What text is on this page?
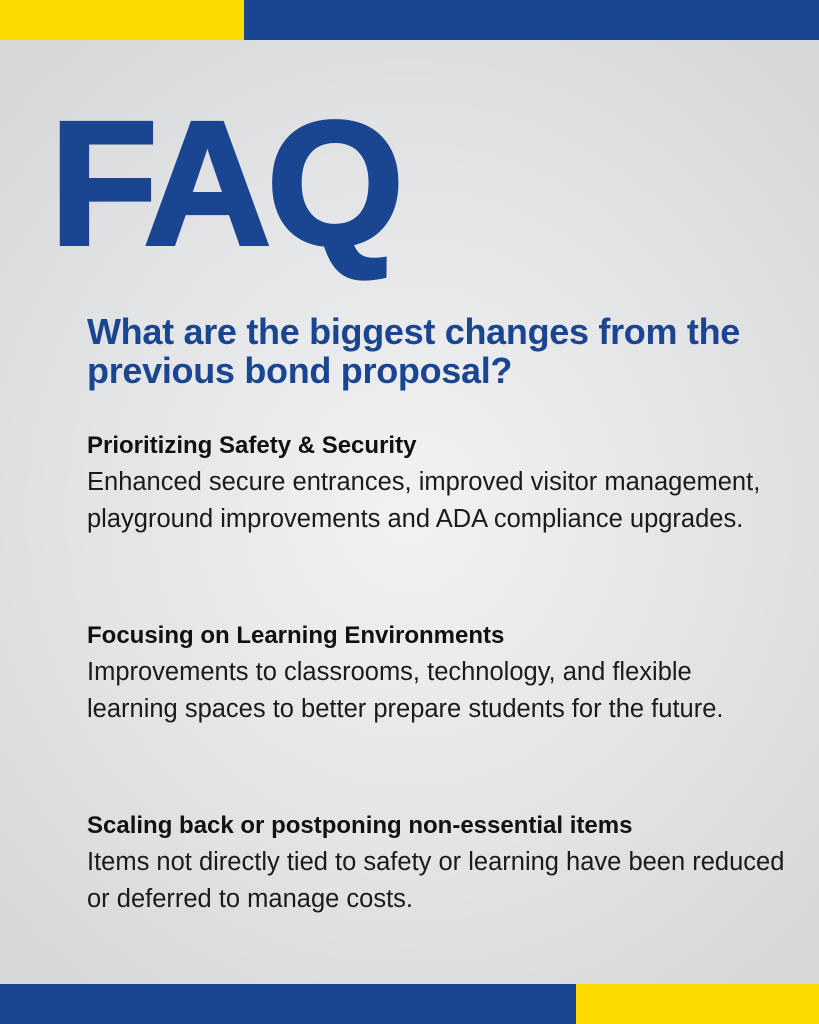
FAQ
What are the biggest changes from the previous bond proposal?
Prioritizing Safety & Security

Enhanced secure entrances, improved visitor management, playground improvements and ADA compliance upgrades.

Focusing on Learning Environments

Improvements to classrooms, technology, and flexible learning spaces to better prepare students for the future.

Scaling back or postponing non-essential items

Items not directly tied to safety or learning have been reduced or deferred to manage costs.
